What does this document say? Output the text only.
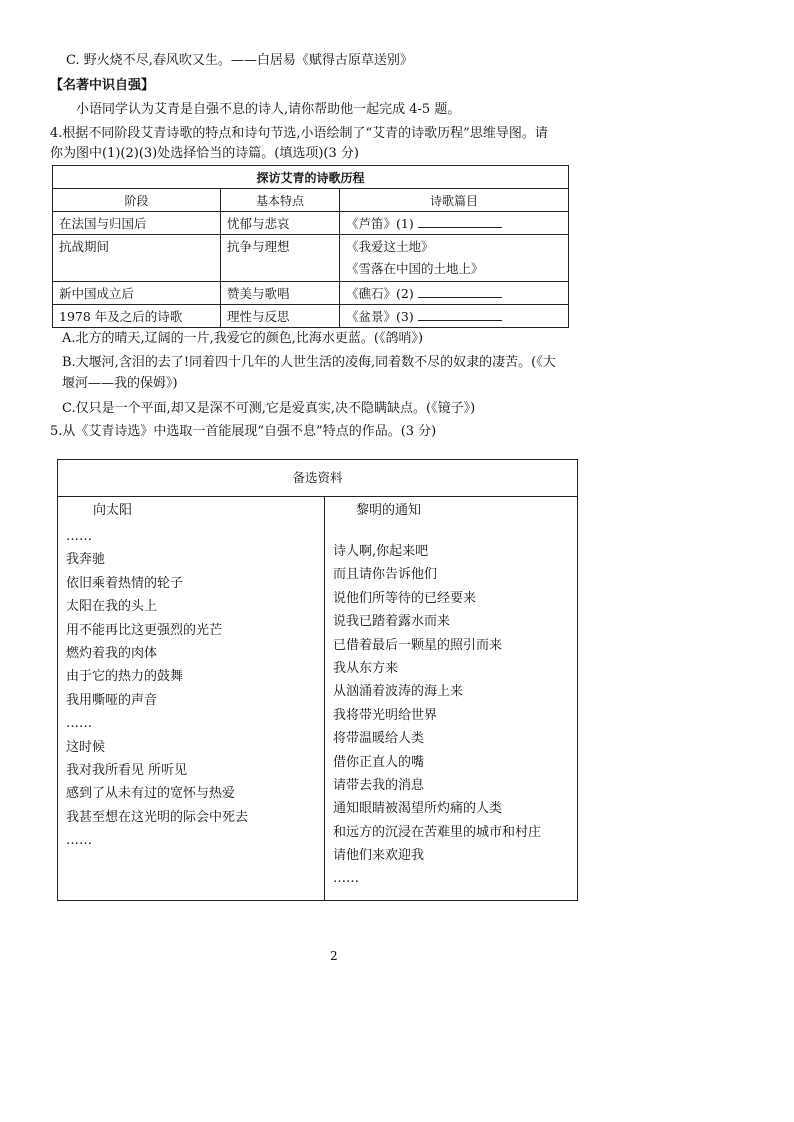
C. 野火烧不尽,春风吹又生。——白居易《赋得古原草送别》
【名著中识自强】
小语同学认为艾青是自强不息的诗人,请你帮助他一起完成 4-5 题。
4.根据不同阶段艾青诗歌的特点和诗句节选,小语绘制了“艾青的诗歌历程”思维导图。请
你为图中(1)(2)(3)处选择恰当的诗篇。(填选项)(3 分)
探访艾青的诗歌历程		
阶段	基本特点	诗歌篇目
在法国与归国后	忧郁与悲哀	《芦笛》(1)
抗战期间	抗争与理想	《我爱这土地》
《雪落在中国的土地上》

新中国成立后	赞美与歌唱	《礁石》(2)
1978 年及之后的诗歌	理性与反思	《盆景》(3)
A.北方的晴天,辽阔的一片,我爱它的颜色,比海水更蓝。(《鸽哨》)
B.大堰河,含泪的去了!同着四十几年的人世生活的凌侮,同着数不尽的奴隶的凄苦。(《大
堰河——我的保姆》)
C.仅只是一个平面,却又是深不可测,它是爱真实,决不隐瞒缺点。(《镜子》)
5.从《艾青诗选》中选取一首能展现“自强不息”特点的作品。(3 分)
备选资料
向太阳
……
我奔驰
依旧乘着热情的轮子
太阳在我的头上
用不能再比这更强烈的光芒
燃灼着我的肉体
由于它的热力的鼓舞
我用嘶哑的声音
……
这时候
我对我所看见 所听见
感到了从未有过的宽怀与热爱
我甚至想在这光明的际会中死去
……
黎明的通知
诗人啊,你起来吧
而且请你告诉他们
说他们所等待的已经要来
说我已踏着露水而来
已借着最后一颗星的照引而来
我从东方来
从汹涌着波涛的海上来
我将带光明给世界
将带温暖给人类
借你正直人的嘴
请带去我的消息
通知眼睛被渴望所灼痛的人类
和远方的沉浸在苦难里的城市和村庄
请他们来欢迎我
……
2
